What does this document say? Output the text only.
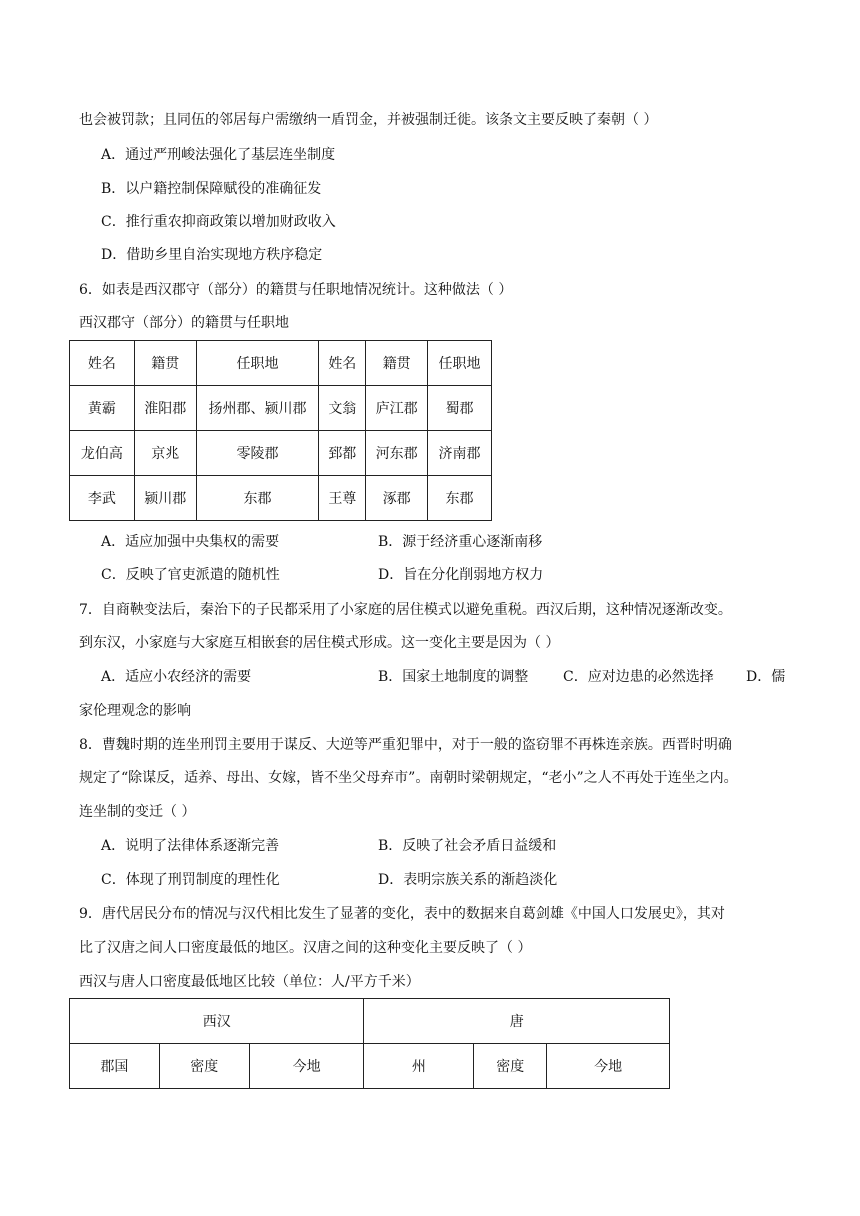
也会被罚款；且同伍的邻居每户需缴纳一盾罚金，并被强制迁徙。该条文主要反映了秦朝（ ）
A．通过严刑峻法强化了基层连坐制度
B．以户籍控制保障赋役的准确征发
C．推行重农抑商政策以增加财政收入
D．借助乡里自治实现地方秩序稳定
6．如表是西汉郡守（部分）的籍贯与任职地情况统计。这种做法（ ）
西汉郡守（部分）的籍贯与任职地
姓名	籍贯	任职地	姓名	籍贯	任职地
黄霸	淮阳郡	扬州郡、颍川郡	文翁	庐江郡	蜀郡
龙伯高	京兆	零陵郡	郅都	河东郡	济南郡
李武	颍川郡	东郡	王尊	涿郡	东郡
A．适应加强中央集权的需要	B．源于经济重心逐渐南移
C．反映了官吏派遣的随机性	D．旨在分化削弱地方权力
7．自商鞅变法后，秦治下的子民都采用了小家庭的居住模式以避免重税。西汉后期，这种情况逐渐改变。
到东汉，小家庭与大家庭互相嵌套的居住模式形成。这一变化主要是因为（ ）
A．适应小农经济的需要	B．国家土地制度的调整 C．应对边患的必然选择 D．儒
家伦理观念的影响
8．曹魏时期的连坐刑罚主要用于谋反、大逆等严重犯罪中，对于一般的盗窃罪不再株连亲族。西晋时明确
规定了“除谋反，适养、母出、女嫁，皆不坐父母弃市”。南朝时梁朝规定，“老小”之人不再处于连坐之内。
连坐制的变迁（ ）
A．说明了法律体系逐渐完善	B．反映了社会矛盾日益缓和
C．体现了刑罚制度的理性化	D．表明宗族关系的渐趋淡化
9．唐代居民分布的情况与汉代相比发生了显著的变化，表中的数据来自葛剑雄《中国人口发展史》，其对
比了汉唐之间人口密度最低的地区。汉唐之间的这种变化主要反映了（ ）
西汉与唐人口密度最低地区比较（单位：人/平方千米）
西汉			唐		
郡国	密度	今地	州	密度	今地
